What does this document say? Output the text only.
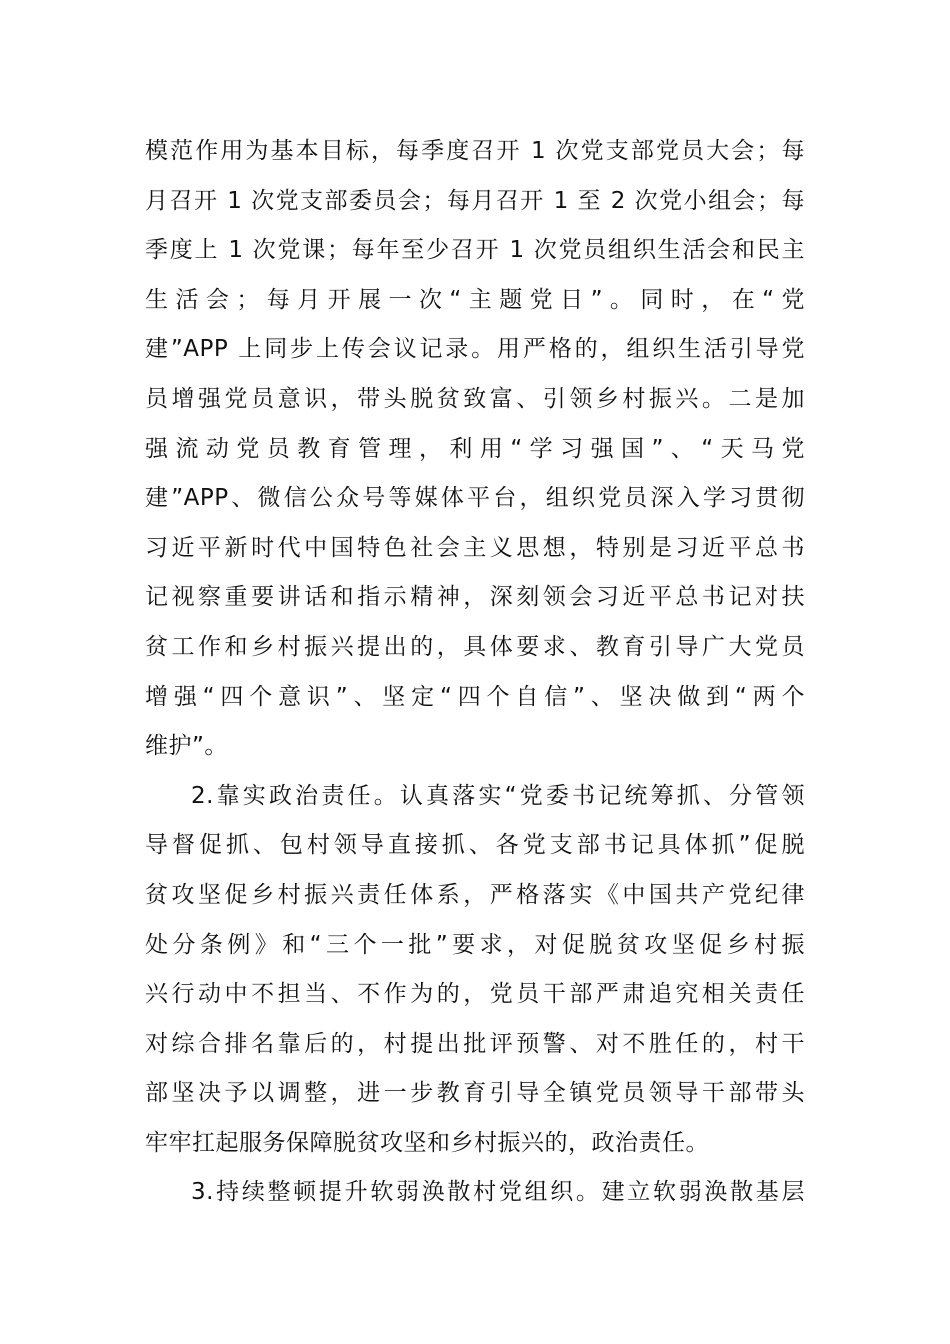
模范作用为基本目标，每季度召开 1 次党支部党员大会；每
月召开 1 次党支部委员会；每月召开 1 至 2 次党小组会；每
季度上 1 次党课；每年至少召开 1 次党员组织生活会和民主
生活会；每月开展一次“主题党日”。同时，在“党
建”APP 上同步上传会议记录。用严格的，组织生活引导党
员增强党员意识，带头脱贫致富、引领乡村振兴。二是加
强流动党员教育管理，利用“学习强国”、“天马党
建”APP、微信公众号等媒体平台，组织党员深入学习贯彻
习近平新时代中国特色社会主义思想，特别是习近平总书
记视察重要讲话和指示精神，深刻领会习近平总书记对扶
贫工作和乡村振兴提出的，具体要求、教育引导广大党员
增强“四个意识”、坚定“四个自信”、坚决做到“两个
维护”。
2.靠实政治责任。认真落实“党委书记统筹抓、分管领
导督促抓、包村领导直接抓、各党支部书记具体抓”促脱
贫攻坚促乡村振兴责任体系，严格落实《中国共产党纪律
处分条例》和“三个一批”要求，对促脱贫攻坚促乡村振
兴行动中不担当、不作为的，党员干部严肃追究相关责任
对综合排名靠后的，村提出批评预警、对不胜任的，村干
部坚决予以调整，进一步教育引导全镇党员领导干部带头
牢牢扛起服务保障脱贫攻坚和乡村振兴的，政治责任。
3.持续整顿提升软弱涣散村党组织。建立软弱涣散基层
